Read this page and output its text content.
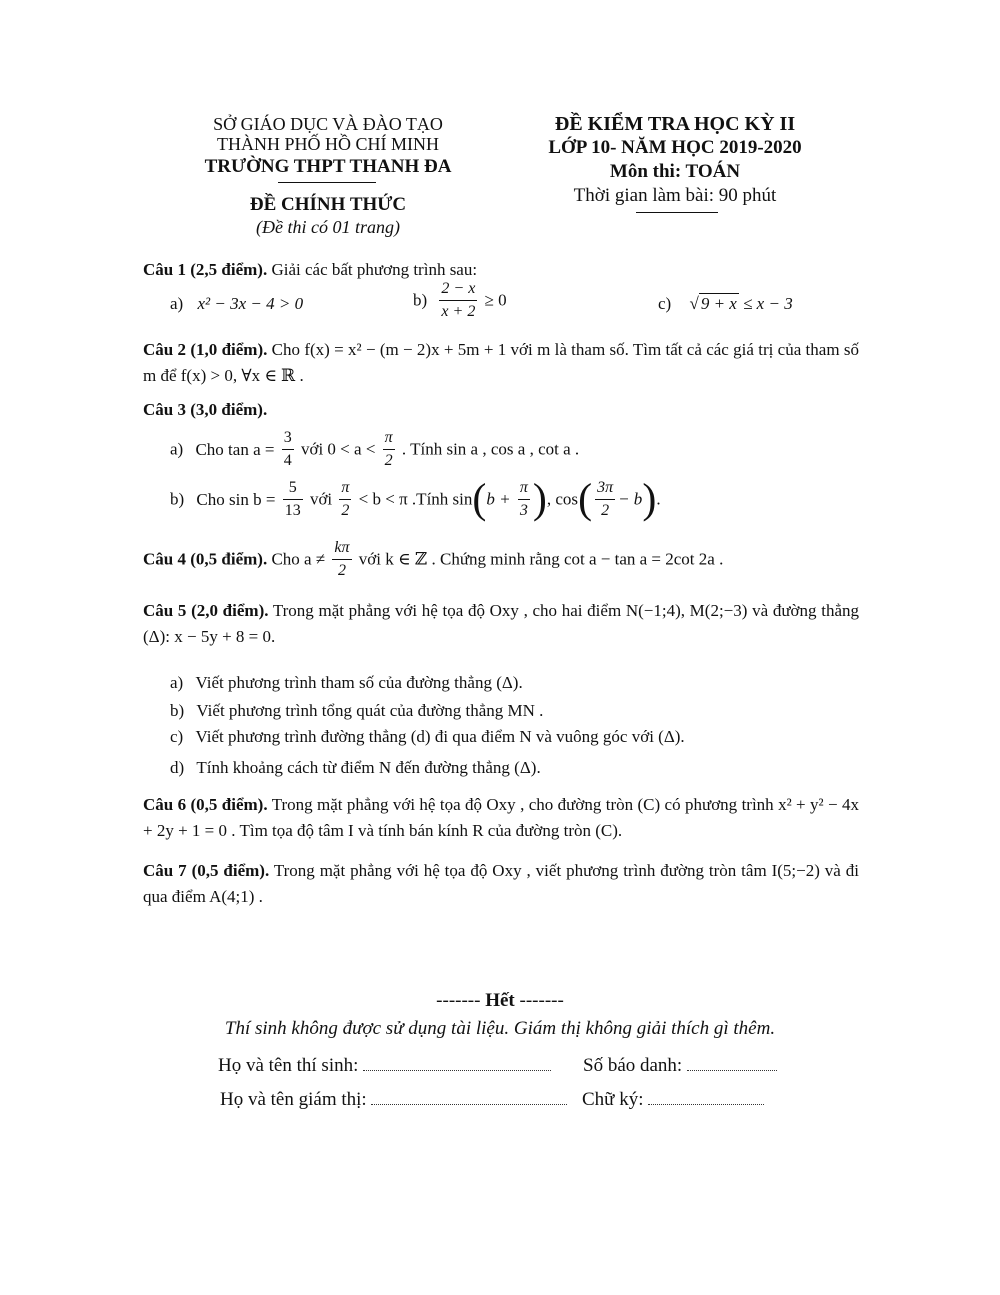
SỞ GIÁO DỤC VÀ ĐÀO TẠO
THÀNH PHỐ HỒ CHÍ MINH
TRƯỜNG THPT THANH ĐA
ĐỀ CHÍNH THỨC
(Đề thi có 01 trang)
ĐỀ KIỂM TRA HỌC KỲ II
LỚP 10- NĂM HỌC 2019-2020
Môn thi: TOÁN
Thời gian làm bài: 90 phút
Câu 1 (2,5 điểm). Giải các bất phương trình sau:
a) x² − 3x − 4 > 0	$b) \frac{2 - x}{x + 2} \ge 0$	c) √ 9 + x ≤ x − 3
Câu 2 (1,0 điểm). Cho f(x) = x² − (m − 2)x + 5m + 1 với m là tham số. Tìm tất cả các giá trị của tham số m để f(x) > 0, ∀x ∈ ℝ .
Câu 3 (3,0 điểm).
a) Cho $\tan a = \frac{3}{4}$ với $0 < a < \frac{\pi}{2}$ . Tính sin a , cos a , cot a .
b) Cho $\sin b = \frac{5}{13}$ với $\frac{\pi}{2} < b < \pi$ .Tính $\sin(b + \frac{\pi}{3}$ ), $\cos( \frac{3\pi}{2} - b)$.
Câu 4 (0,5 điểm). Cho $a \ne \frac{k\pi}{2}$ với k ∈ ℤ . Chứng minh rằng cot a − tan a = 2cot 2a .
Câu 5 (2,0 điểm). Trong mặt phẳng với hệ tọa độ Oxy , cho hai điểm N(−1;4), M(2;−3) và đường thẳng (Δ): x − 5y + 8 = 0.
a) Viết phương trình tham số của đường thẳng (Δ).
b) Viết phương trình tổng quát của đường thẳng MN .
c) Viết phương trình đường thẳng (d) đi qua điểm N và vuông góc với (Δ).
d) Tính khoảng cách từ điểm N đến đường thẳng (Δ).
Câu 6 (0,5 điểm). Trong mặt phẳng với hệ tọa độ Oxy , cho đường tròn (C) có phương trình x² + y² − 4x + 2y + 1 = 0 . Tìm tọa độ tâm I và tính bán kính R của đường tròn (C).
Câu 7 (0,5 điểm). Trong mặt phẳng với hệ tọa độ Oxy , viết phương trình đường tròn tâm I(5;−2) và đi qua điểm A(4;1) .
------- Hết -------
Thí sinh không được sử dụng tài liệu. Giám thị không giải thích gì thêm.
Họ và tên thí sinh:	Số báo danh:
Họ và tên giám thị:	Chữ ký:
